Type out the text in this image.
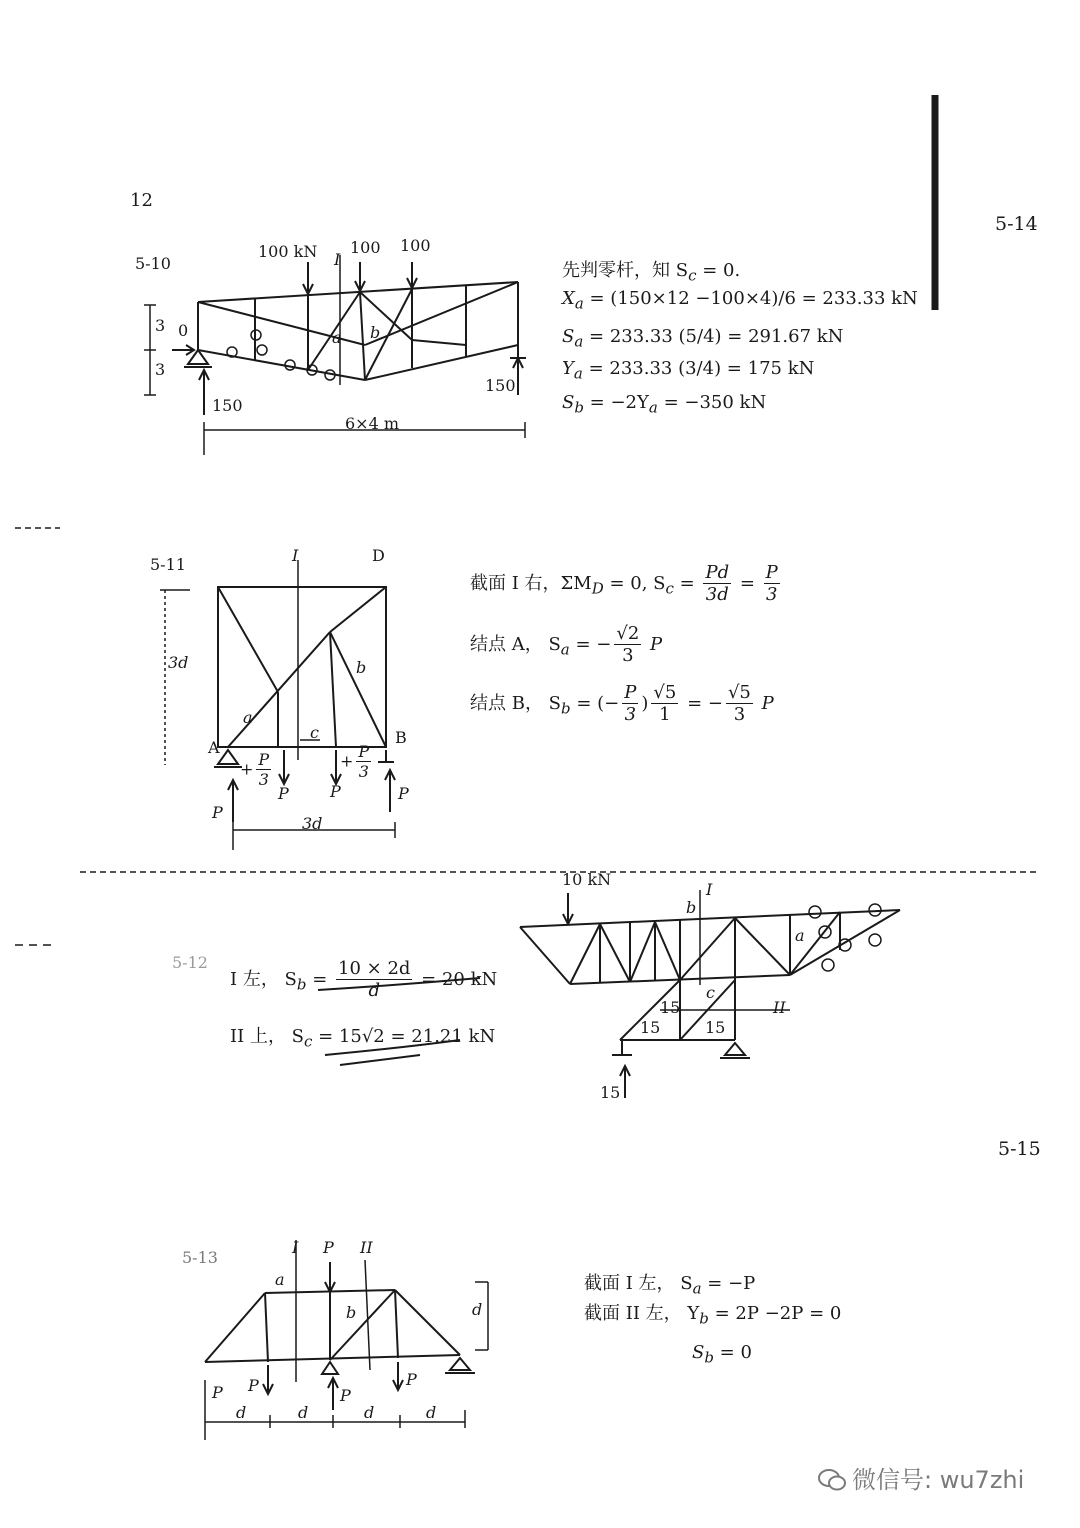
12
5-14
5-15
5-10
100 kN 100 100
I
a b
0
150
150
3
3
6×4 m
先判零杆，知 $S_c = 0$.
$X_a = (150\times 12 -100\times 4)/6 = 233.33$ kN
$S_a = 233.33$ (5/4) = 291.67 kN
$Y_a = 233.33$ (3/4) = 175 kN
$S_b = -2Y_a = -350$ kN
5-11	I	D
3d
a
b
c
A
B
+ $\frac{P}{3}$	+ $\frac{P}{3}$
P	P
P
P
3d
截面 I 右，$\Sigma M_D = 0$, $S_c = \frac{Pd}{3d} = \frac{P}{3}$
结点 A， $S_a$ = − $\frac{√2}{3}$ P
结点 B， $S_b$ = (− $\frac{P}{3}$ ) $\frac{√5}{1}$ = − $\frac{√5}{3}$ P
5-12
10 kN
I
II
a
b
c
15
15	15
15
I 左， $S_b = \frac{10 \times 2d}{d} = 20$ kN
II 上， $S_c = 15√2 = 21.21$ kN
5-13
I	II
P
a
b	d
P P
P
P
d	d	d	d
截面 I 左， $S_a = -P$
截面 II 左， $Y_b = 2P -2P = 0$
$S_b = 0$
微信号: wu7zhi
